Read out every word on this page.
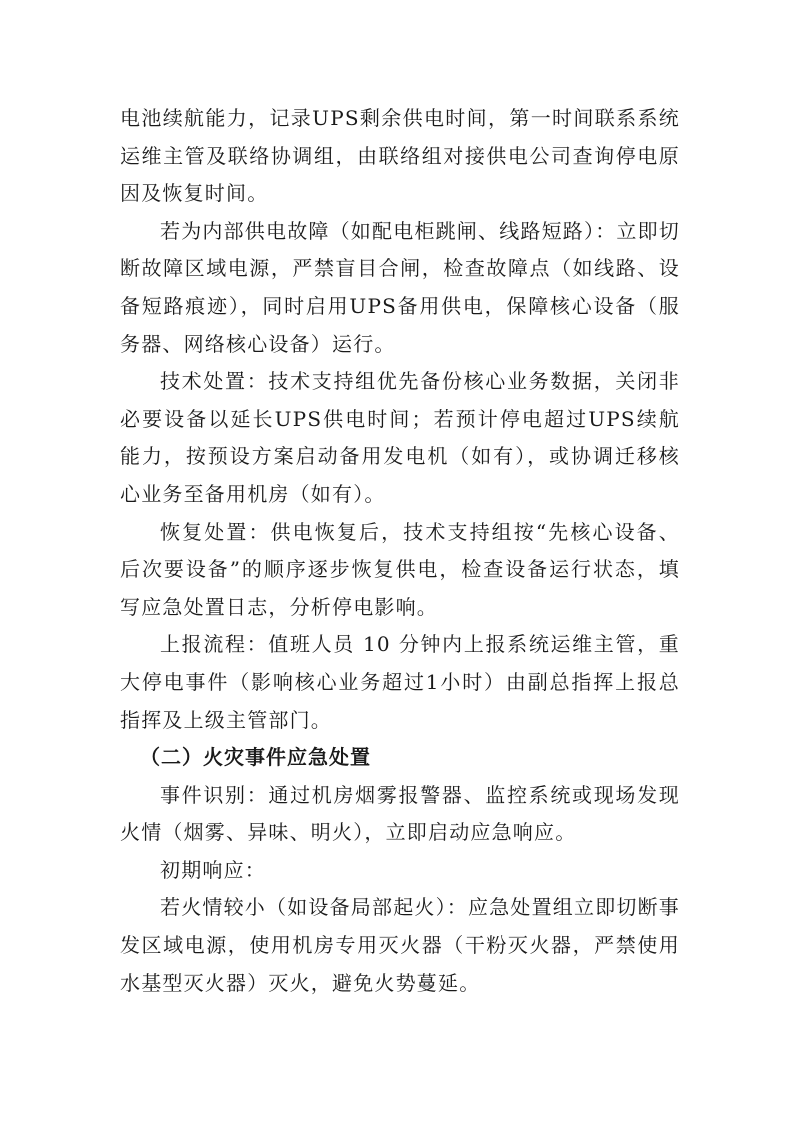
电池续航能力，记录UPS剩余供电时间，第一时间联系系统运维主管及联络协调组，由联络组对接供电公司查询停电原因及恢复时间。

若为内部供电故障（如配电柜跳闸、线路短路）：立即切断故障区域电源，严禁盲目合闸，检查故障点（如线路、设备短路痕迹），同时启用UPS备用供电，保障核心设备（服务器、网络核心设备）运行。

技术处置：技术支持组优先备份核心业务数据，关闭非必要设备以延长UPS供电时间；若预计停电超过UPS续航能力，按预设方案启动备用发电机（如有），或协调迁移核心业务至备用机房（如有）。

恢复处置：供电恢复后，技术支持组按“先核心设备、后次要设备”的顺序逐步恢复供电，检查设备运行状态，填写应急处置日志，分析停电影响。

上报流程：值班人员 10 分钟内上报系统运维主管，重大停电事件（影响核心业务超过1小时）由副总指挥上报总指挥及上级主管部门。

（二）火灾事件应急处置

事件识别：通过机房烟雾报警器、监控系统或现场发现火情（烟雾、异味、明火），立即启动应急响应。

初期响应：

若火情较小（如设备局部起火）：应急处置组立即切断事发区域电源，使用机房专用灭火器（干粉灭火器，严禁使用水基型灭火器）灭火，避免火势蔓延。
